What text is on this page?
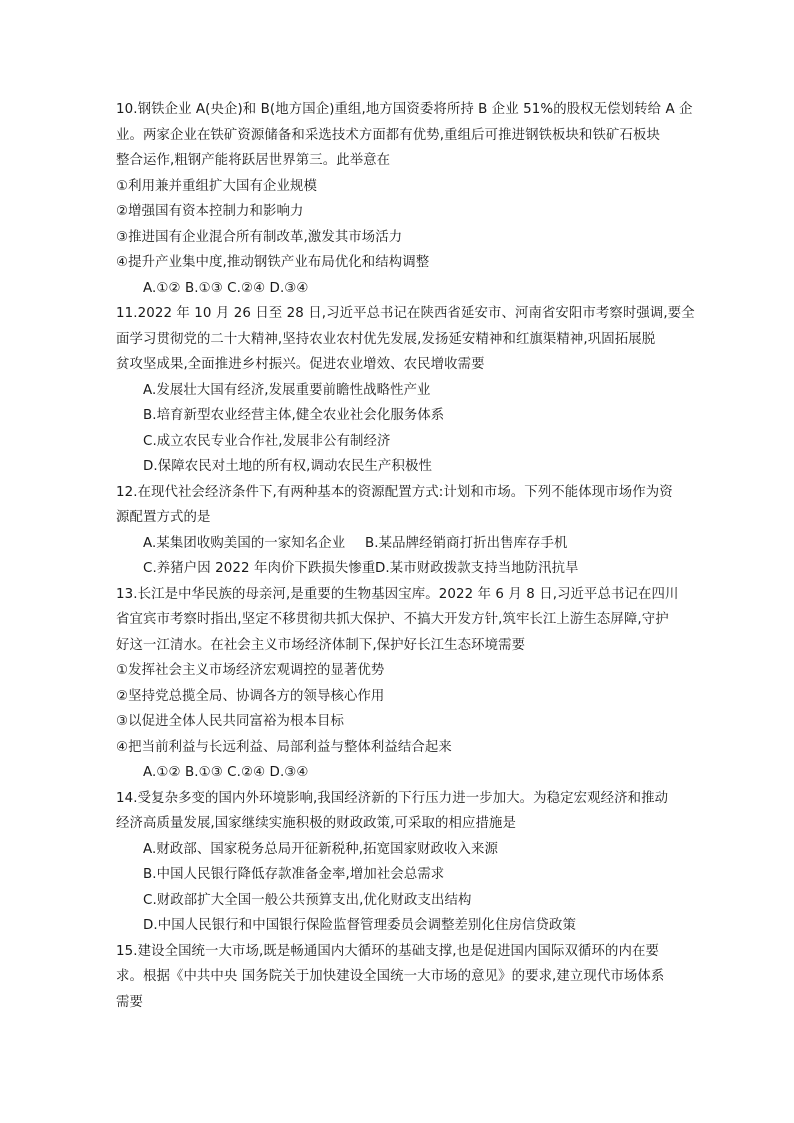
10.钢铁企业 A(央企)和 B(地方国企)重组,地方国资委将所持 B 企业 51%的股权无偿划转给 A 企
业。两家企业在铁矿资源储备和采选技术方面都有优势,重组后可推进钢铁板块和铁矿石板块
整合运作,粗钢产能将跃居世界第三。此举意在
①利用兼并重组扩大国有企业规模
②增强国有资本控制力和影响力
③推进国有企业混合所有制改革,激发其市场活力
④提升产业集中度,推动钢铁产业布局优化和结构调整
A.①② B.①③ C.②④ D.③④
11.2022 年 10 月 26 日至 28 日,习近平总书记在陕西省延安市、河南省安阳市考察时强调,要全
面学习贯彻党的二十大精神,坚持农业农村优先发展,发扬延安精神和红旗渠精神,巩固拓展脱
贫攻坚成果,全面推进乡村振兴。促进农业增效、农民增收需要
A.发展壮大国有经济,发展重要前瞻性战略性产业
B.培育新型农业经营主体,健全农业社会化服务体系
C.成立农民专业合作社,发展非公有制经济
D.保障农民对土地的所有权,调动农民生产积极性
12.在现代社会经济条件下,有两种基本的资源配置方式:计划和市场。下列不能体现市场作为资
源配置方式的是
A.某集团收购美国的一家知名企业 B.某品牌经销商打折出售库存手机
C.养猪户因 2022 年肉价下跌损失惨重D.某市财政拨款支持当地防汛抗旱
13.长江是中华民族的母亲河,是重要的生物基因宝库。2022 年 6 月 8 日,习近平总书记在四川
省宜宾市考察时指出,坚定不移贯彻共抓大保护、不搞大开发方针,筑牢长江上游生态屏障,守护
好这一江清水。在社会主义市场经济体制下,保护好长江生态环境需要
①发挥社会主义市场经济宏观调控的显著优势
②坚持党总揽全局、协调各方的领导核心作用
③以促进全体人民共同富裕为根本目标
④把当前利益与长远利益、局部利益与整体利益结合起来
A.①② B.①③ C.②④ D.③④
14.受复杂多变的国内外环境影响,我国经济新的下行压力进一步加大。为稳定宏观经济和推动
经济高质量发展,国家继续实施积极的财政政策,可采取的相应措施是
A.财政部、国家税务总局开征新税种,拓宽国家财政收入来源
B.中国人民银行降低存款准备金率,增加社会总需求
C.财政部扩大全国一般公共预算支出,优化财政支出结构
D.中国人民银行和中国银行保险监督管理委员会调整差别化住房信贷政策
15.建设全国统一大市场,既是畅通国内大循环的基础支撑,也是促进国内国际双循环的内在要
求。根据《中共中央 国务院关于加快建设全国统一大市场的意见》的要求,建立现代市场体系
需要
